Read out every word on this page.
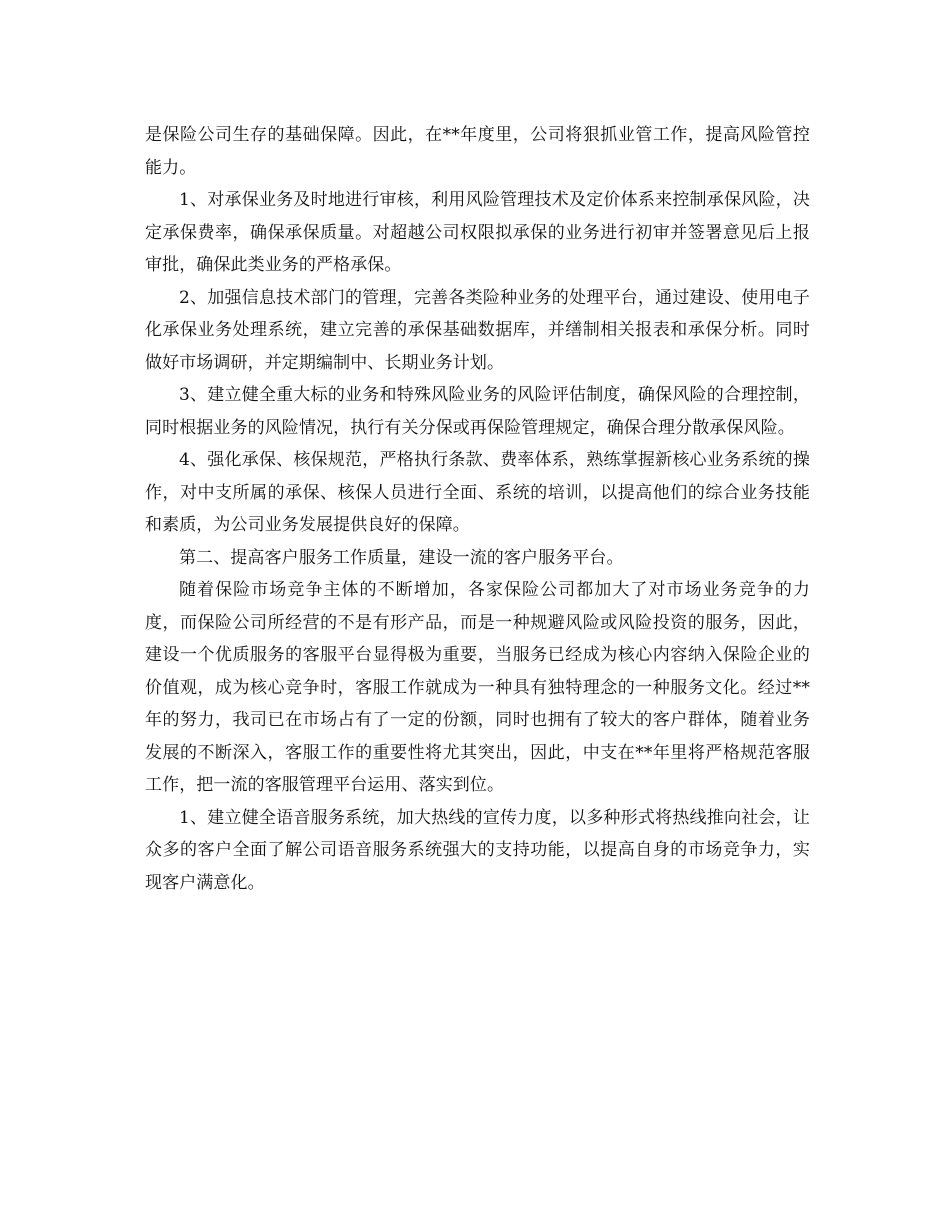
是保险公司生存的基础保障。因此，在**年度里，公司将狠抓业管工作，提高风险管控能力。

1、对承保业务及时地进行审核，利用风险管理技术及定价体系来控制承保风险，决定承保费率，确保承保质量。对超越公司权限拟承保的业务进行初审并签署意见后上报审批，确保此类业务的严格承保。

2、加强信息技术部门的管理，完善各类险种业务的处理平台，通过建设、使用电子化承保业务处理系统，建立完善的承保基础数据库，并缮制相关报表和承保分析。同时做好市场调研，并定期编制中、长期业务计划。

3、建立健全重大标的业务和特殊风险业务的风险评估制度，确保风险的合理控制，同时根据业务的风险情况，执行有关分保或再保险管理规定，确保合理分散承保风险。

4、强化承保、核保规范，严格执行条款、费率体系，熟练掌握新核心业务系统的操作，对中支所属的承保、核保人员进行全面、系统的培训，以提高他们的综合业务技能和素质，为公司业务发展提供良好的保障。

第二、提高客户服务工作质量，建设一流的客户服务平台。

随着保险市场竞争主体的不断增加，各家保险公司都加大了对市场业务竞争的力度，而保险公司所经营的不是有形产品，而是一种规避风险或风险投资的服务，因此，建设一个优质服务的客服平台显得极为重要，当服务已经成为核心内容纳入保险企业的价值观，成为核心竞争时，客服工作就成为一种具有独特理念的一种服务文化。经过**年的努力，我司已在市场占有了一定的份额，同时也拥有了较大的客户群体，随着业务发展的不断深入，客服工作的重要性将尤其突出，因此，中支在**年里将严格规范客服工作，把一流的客服管理平台运用、落实到位。

1、建立健全语音服务系统，加大热线的宣传力度，以多种形式将热线推向社会，让众多的客户全面了解公司语音服务系统强大的支持功能，以提高自身的市场竞争力，实现客户满意化。
